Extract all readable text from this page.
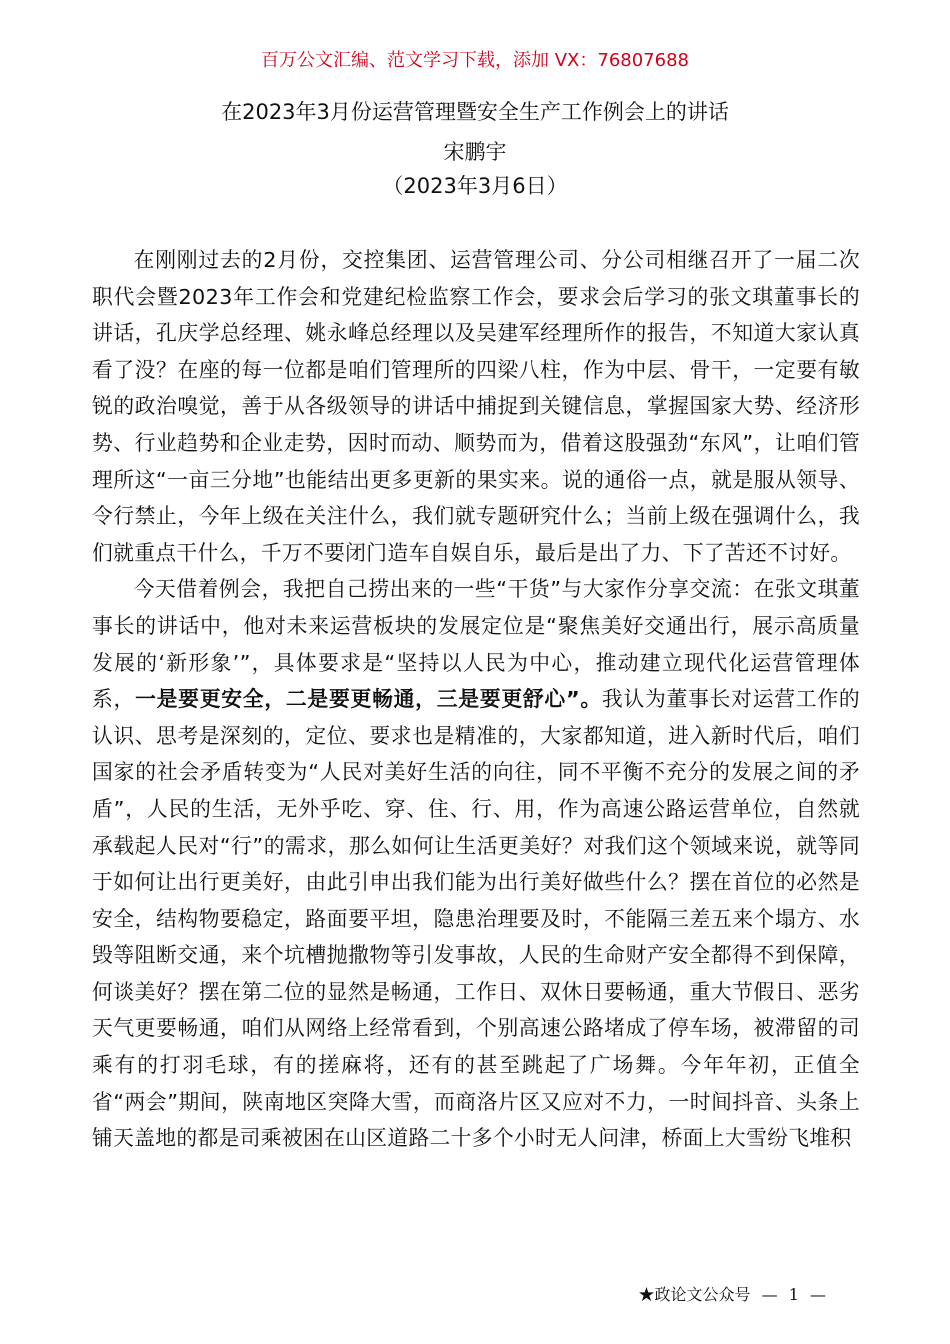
百万公文汇编、范文学习下载，添加 VX：76807688
在2023年3月份运营管理暨安全生产工作例会上的讲话
宋鹏宇
（2023年3月6日）

在刚刚过去的2月份，交控集团、运营管理公司、分公司相继召开了一届二次职代会暨2023年工作会和党建纪检监察工作会，要求会后学习的张文琪董事长的讲话，孔庆学总经理、姚永峰总经理以及吴建军经理所作的报告，不知道大家认真看了没？在座的每一位都是咱们管理所的四梁八柱，作为中层、骨干，一定要有敏锐的政治嗅觉，善于从各级领导的讲话中捕捉到关键信息，掌握国家大势、经济形势、行业趋势和企业走势，因时而动、顺势而为，借着这股强劲“东风”，让咱们管理所这“一亩三分地”也能结出更多更新的果实来。说的通俗一点，就是服从领导、令行禁止，今年上级在关注什么，我们就专题研究什么；当前上级在强调什么，我们就重点干什么，千万不要闭门造车自娱自乐，最后是出了力、下了苦还不讨好。

今天借着例会，我把自己捞出来的一些“干货”与大家作分享交流：在张文琪董事长的讲话中，他对未来运营板块的发展定位是“聚焦美好交通出行，展示高质量发展的‘新形象’”，具体要求是“坚持以人民为中心，推动建立现代化运营管理体系，一是要更安全，二是要更畅通，三是要更舒心”。我认为董事长对运营工作的认识、思考是深刻的，定位、要求也是精准的，大家都知道，进入新时代后，咱们国家的社会矛盾转变为“人民对美好生活的向往，同不平衡不充分的发展之间的矛盾”，人民的生活，无外乎吃、穿、住、行、用，作为高速公路运营单位，自然就承载起人民对“行”的需求，那么如何让生活更美好？对我们这个领域来说，就等同于如何让出行更美好，由此引申出我们能为出行美好做些什么？摆在首位的必然是安全，结构物要稳定，路面要平坦，隐患治理要及时，不能隔三差五来个塌方、水毁等阻断交通，来个坑槽抛撒物等引发事故，人民的生命财产安全都得不到保障，何谈美好？摆在第二位的显然是畅通，工作日、双休日要畅通，重大节假日、恶劣天气更要畅通，咱们从网络上经常看到，个别高速公路堵成了停车场，被滞留的司乘有的打羽毛球，有的搓麻将，还有的甚至跳起了广场舞。今年年初，正值全省“两会”期间，陕南地区突降大雪，而商洛片区又应对不力，一时间抖音、头条上铺天盖地的都是司乘被困在山区道路二十多个小时无人问津，桥面上大雪纷飞堆积

★政论文公众号 — 1 —
